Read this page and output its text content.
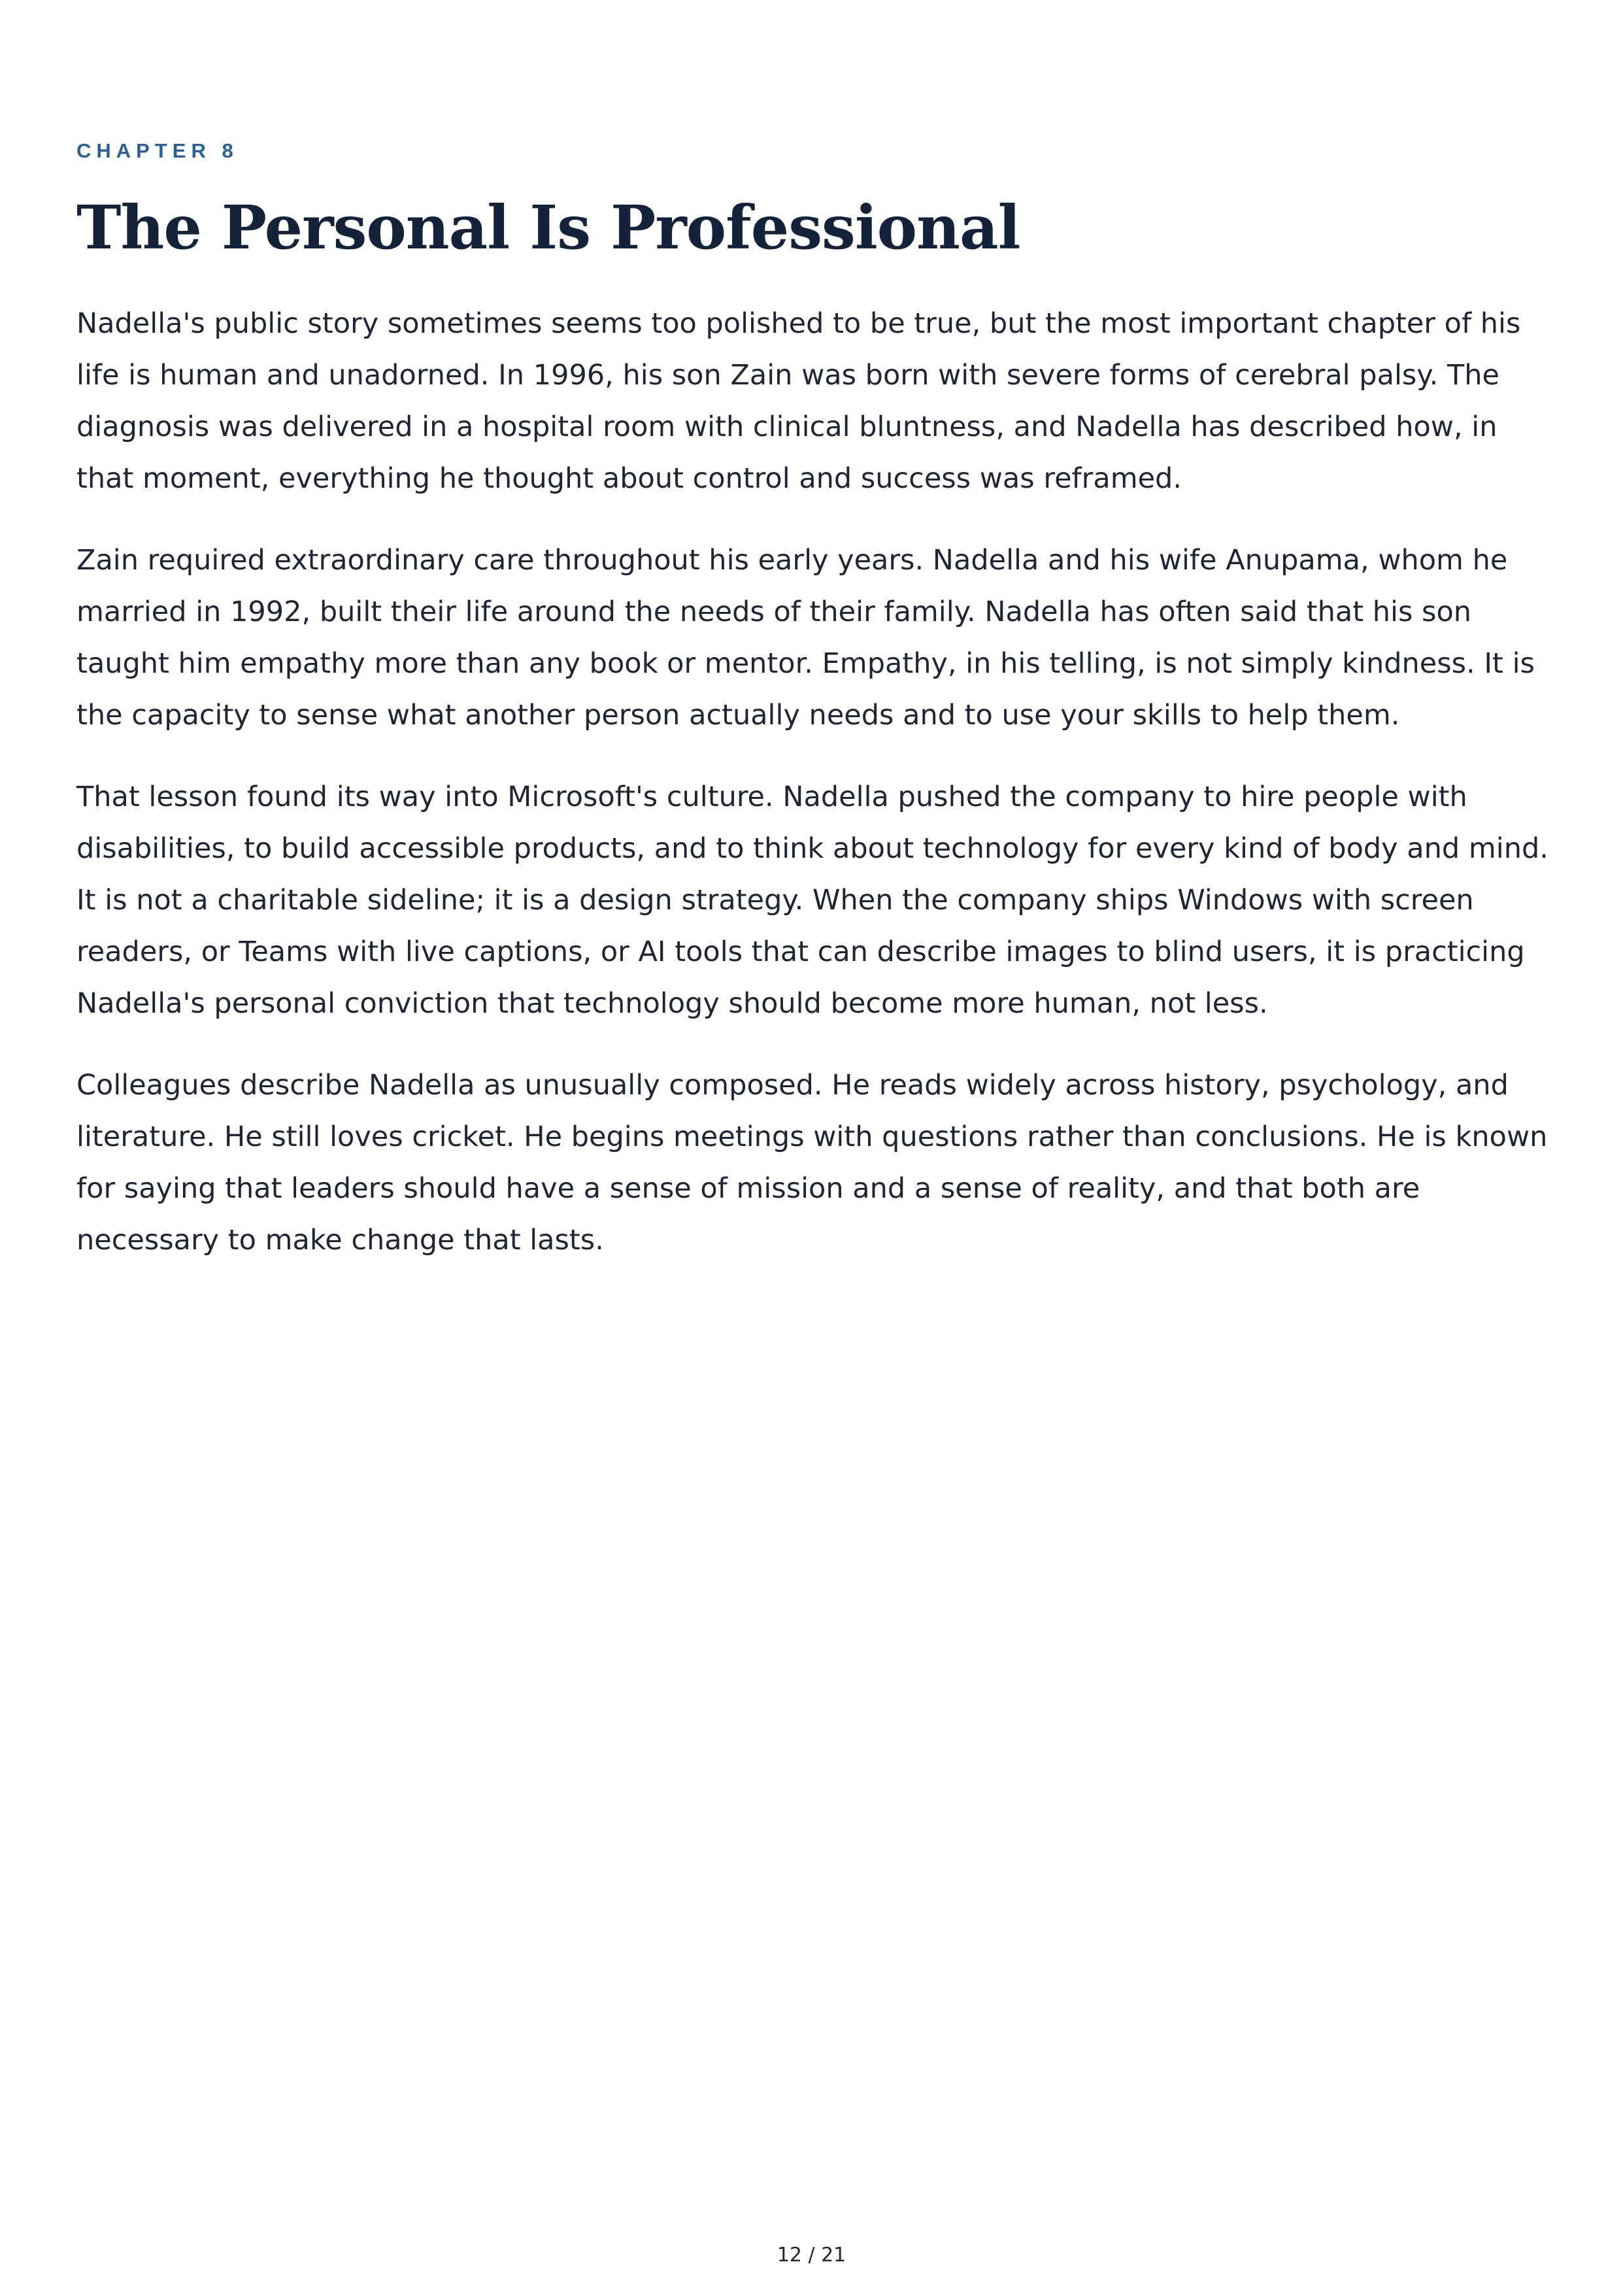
CHAPTER 8
The Personal Is Professional

Nadella's public story sometimes seems too polished to be true, but the most important chapter of his life is human and unadorned. In 1996, his son Zain was born with severe forms of cerebral palsy. The diagnosis was delivered in a hospital room with clinical bluntness, and Nadella has described how, in that moment, everything he thought about control and success was reframed.

Zain required extraordinary care throughout his early years. Nadella and his wife Anupama, whom he married in 1992, built their life around the needs of their family. Nadella has often said that his son taught him empathy more than any book or mentor. Empathy, in his telling, is not simply kindness. It is the capacity to sense what another person actually needs and to use your skills to help them.

That lesson found its way into Microsoft's culture. Nadella pushed the company to hire people with disabilities, to build accessible products, and to think about technology for every kind of body and mind. It is not a charitable sideline; it is a design strategy. When the company ships Windows with screen readers, or Teams with live captions, or AI tools that can describe images to blind users, it is practicing Nadella's personal conviction that technology should become more human, not less.

Colleagues describe Nadella as unusually composed. He reads widely across history, psychology, and literature. He still loves cricket. He begins meetings with questions rather than conclusions. He is known for saying that leaders should have a sense of mission and a sense of reality, and that both are necessary to make change that lasts.

12 / 21
